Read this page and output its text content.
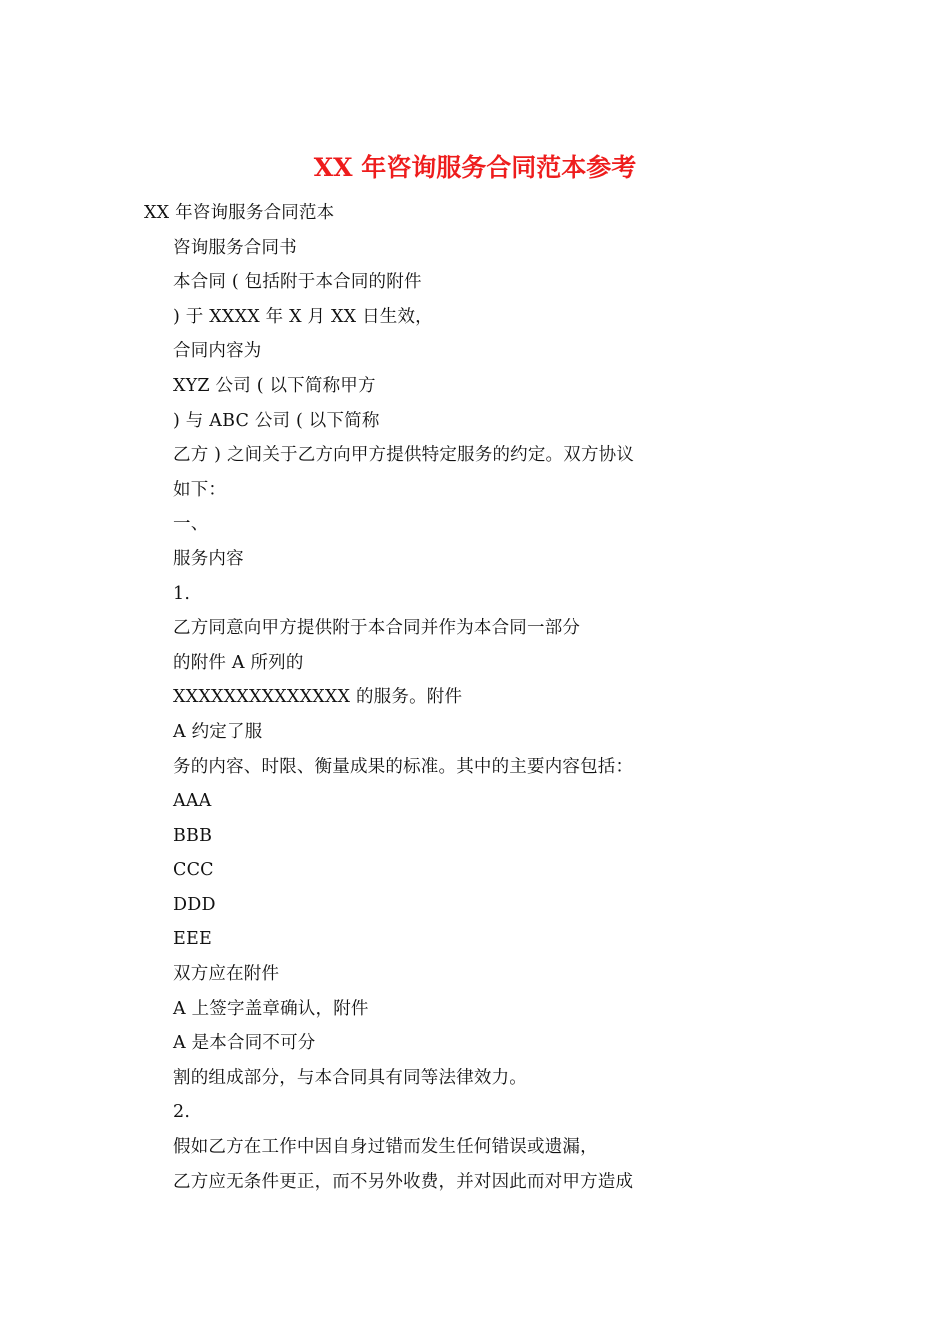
XX 年咨询服务合同范本参考
XX 年咨询服务合同范本
咨询服务合同书
本合同 ( 包括附于本合同的附件
) 于 XXXX 年 X 月 XX 日生效，
合同内容为
XYZ 公司 ( 以下简称甲方
) 与 ABC 公司 ( 以下简称
乙方 ) 之间关于乙方向甲方提供特定服务的约定。双方协议
如下：
一、
服务内容
1.
乙方同意向甲方提供附于本合同并作为本合同一部分
的附件 A 所列的
XXXXXXXXXXXXXX 的服务。附件
A 约定了服
务的内容、时限、衡量成果的标准。其中的主要内容包括：
AAA
BBB
CCC
DDD
EEE
双方应在附件
A 上签字盖章确认，附件
A 是本合同不可分
割的组成部分，与本合同具有同等法律效力。
2.
假如乙方在工作中因自身过错而发生任何错误或遗漏，
乙方应无条件更正，而不另外收费，并对因此而对甲方造成
